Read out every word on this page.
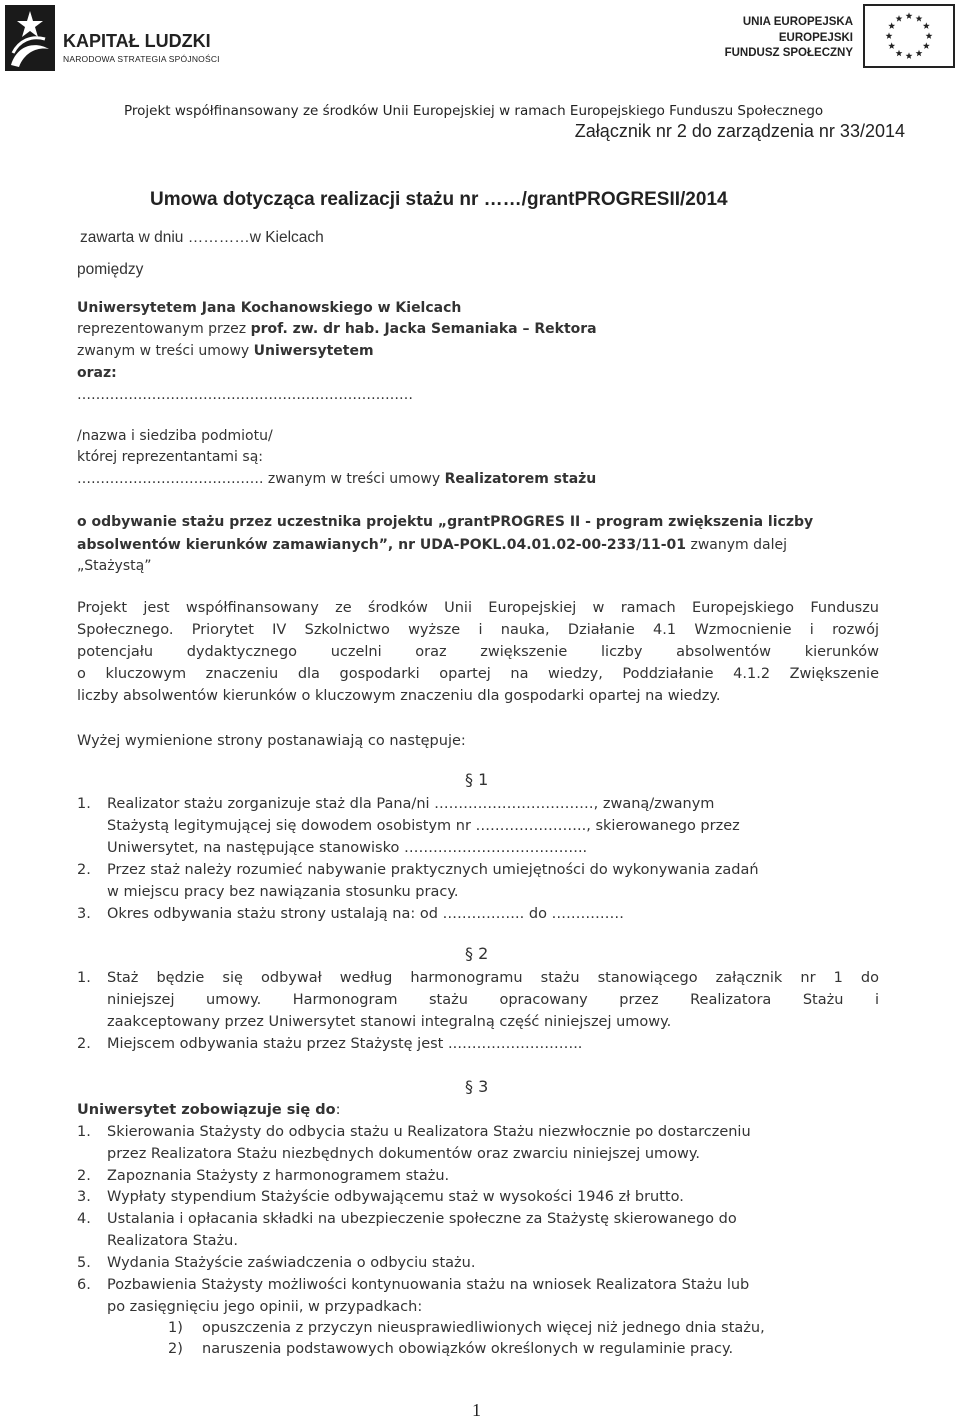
KAPITAŁ LUDZKI
NARODOWA STRATEGIA SPÓJNOŚCI
UNIA EUROPEJSKA
EUROPEJSKI
FUNDUSZ SPOŁECZNY
Projekt współfinansowany ze środków Unii Europejskiej w ramach Europejskiego Funduszu Społecznego
Załącznik nr 2 do zarządzenia nr 33/2014
Umowa dotycząca realizacji stażu nr ……/grantPROGRESII/2014
zawarta w dniu …………w Kielcach
pomiędzy
Uniwersytetem Jana Kochanowskiego w Kielcach
reprezentowanym przez prof. zw. dr hab. Jacka Semaniaka – Rektora
zwanym w treści umowy Uniwersytetem
oraz:
………………………………………………………………
/nazwa i siedziba podmiotu/
której reprezentantami są:
…………………………………. zwanym w treści umowy Realizatorem stażu
o odbywanie stażu przez uczestnika projektu „grantPROGRES II - program zwiększenia liczby
absolwentów kierunków zamawianych”, nr UDA-POKL.04.01.02-00-233/11-01 zwanym dalej
„Stażystą”
Projekt jest współfinansowany ze środków Unii Europejskiej w ramach Europejskiego Funduszu
Społecznego. Priorytet IV Szkolnictwo wyższe i nauka, Działanie 4.1 Wzmocnienie i rozwój
potencjału dydaktycznego uczelni oraz zwiększenie liczby absolwentów kierunków
o kluczowym znaczeniu dla gospodarki opartej na wiedzy, Poddziałanie 4.1.2 Zwiększenie
liczby absolwentów kierunków o kluczowym znaczeniu dla gospodarki opartej na wiedzy.
Wyżej wymienione strony postanawiają co następuje:
§ 1
1. Realizator stażu zorganizuje staż dla Pana/ni ……………………………, zwaną/zwanym
Stażystą legitymującej się dowodem osobistym nr ………………….., skierowanego przez
Uniwersytet, na następujące stanowisko ………………………………..
2. Przez staż należy rozumieć nabywanie praktycznych umiejętności do wykonywania zadań
w miejscu pracy bez nawiązania stosunku pracy.
3. Okres odbywania stażu strony ustalają na: od …………….. do ……………
§ 2
1. Staż będzie się odbywał według harmonogramu stażu stanowiącego załącznik nr 1 do
niniejszej umowy. Harmonogram stażu opracowany przez Realizatora Stażu i
zaakceptowany przez Uniwersytet stanowi integralną część niniejszej umowy.
2. Miejscem odbywania stażu przez Stażystę jest ..……………………..
§ 3
Uniwersytet zobowiązuje się do:
1. Skierowania Stażysty do odbycia stażu u Realizatora Stażu niezwłocznie po dostarczeniu
przez Realizatora Stażu niezbędnych dokumentów oraz zwarciu niniejszej umowy.
2. Zapoznania Stażysty z harmonogramem stażu.
3. Wypłaty stypendium Stażyście odbywającemu staż w wysokości 1946 zł brutto.
4. Ustalania i opłacania składki na ubezpieczenie społeczne za Stażystę skierowanego do
Realizatora Stażu.
5. Wydania Stażyście zaświadczenia o odbyciu stażu.
6. Pozbawienia Stażysty możliwości kontynuowania stażu na wniosek Realizatora Stażu lub
po zasięgnięciu jego opinii, w przypadkach:
1) opuszczenia z przyczyn nieusprawiedliwionych więcej niż jednego dnia stażu,
2) naruszenia podstawowych obowiązków określonych w regulaminie pracy.
1
